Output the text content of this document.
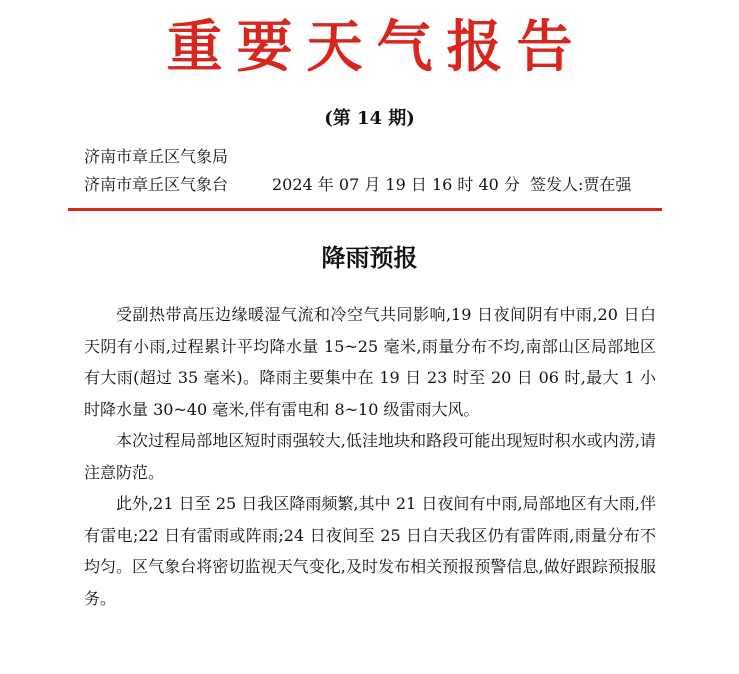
重要天气报告
(第 14 期)
济南市章丘区气象局
济南市章丘区气象台	2024 年 07 月 19 日 16 时 40 分 签发人:贾在强
降雨预报

受副热带高压边缘暖湿气流和冷空气共同影响,19 日夜间阴有中雨,20 日白天阴有小雨,过程累计平均降水量 15~25 毫米,雨量分布不均,南部山区局部地区有大雨(超过 35 毫米)。降雨主要集中在 19 日 23 时至 20 日 06 时,最大 1 小时降水量 30~40 毫米,伴有雷电和 8~10 级雷雨大风。

本次过程局部地区短时雨强较大,低洼地块和路段可能出现短时积水或内涝,请注意防范。

此外,21 日至 25 日我区降雨频繁,其中 21 日夜间有中雨,局部地区有大雨,伴有雷电;22 日有雷雨或阵雨;24 日夜间至 25 日白天我区仍有雷阵雨,雨量分布不均匀。区气象台将密切监视天气变化,及时发布相关预报预警信息,做好跟踪预报服务。
